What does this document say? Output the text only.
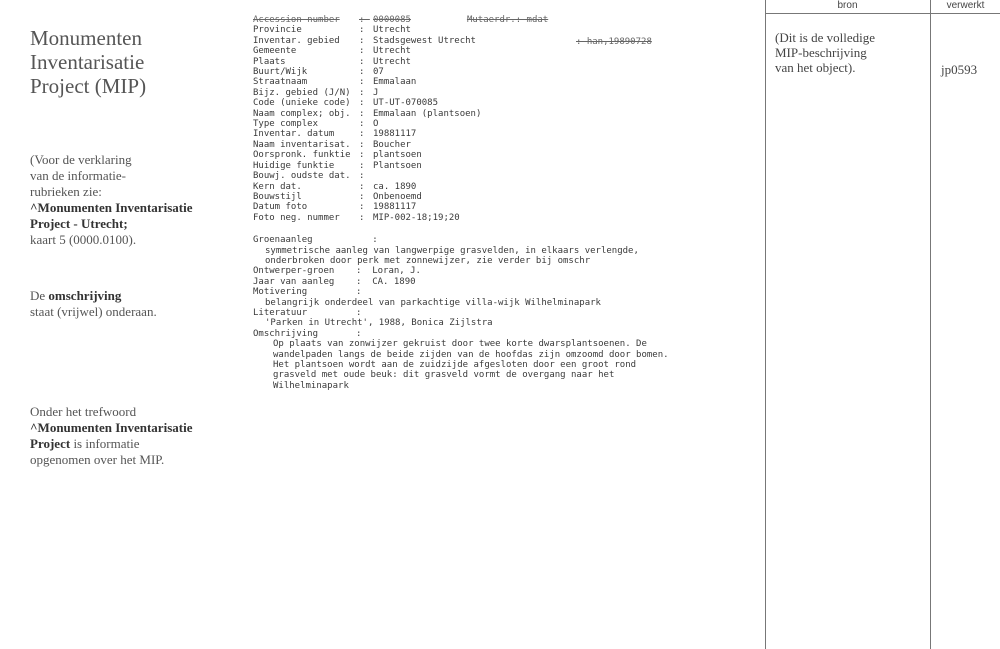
Monumenten
Inventarisatie
Project (MIP)
(Voor de verklaring
van de informatie-
rubrieken zie:
^Monumenten Inventarisatie
Project - Utrecht;
kaart 5 (0000.0100).
De omschrijving
staat (vrijwel) onderaan.
Onder het trefwoord
^Monumenten Inventarisatie
Project is informatie
opgenomen over het MIP.
Accession number	: 0000085	Mutaerdr.: mdat
Provincie	: Utrecht
Inventar. gebied	: Stadsgewest Utrecht
Gemeente	: Utrecht
Plaats	: Utrecht
Buurt/Wijk	: 07
Straatnaam	: Emmalaan
Bijz. gebied (J/N) : J
Code (unieke code) : UT-UT-070085
Naam complex; obj. : Emmalaan (plantsoen)
Type complex	: O
Inventar. datum	: 19881117
Naam inventarisat. : Boucher
Oorspronk. funktie : plantsoen
Huidige funktie	: Plantsoen
Bouwj. oudste dat. :
Kern dat.	: ca. 1890
Bouwstijl	: Onbenoemd
Datum foto	: 19881117
Foto neg. nummer	: MIP-002-18;19;20
Groenaanleg           :
symmetrische aanleg van langwerpige grasvelden, in elkaars verlengde,
onderbroken door perk met zonnewijzer, zie verder bij omschr
Ontwerper-groen    :  Loran, J.
Jaar van aanleg    :  CA. 1890
Motivering         :
belangrijk onderdeel van parkachtige villa-wijk Wilhelminapark
Literatuur         :
'Parken in Utrecht', 1988, Bonica Zijlstra
Omschrijving       :
Op plaats van zonwijzer gekruist door twee korte dwarsplantsoenen. De
wandelpaden langs de beide zijden van de hoofdas zijn omzoomd door bomen.
Het plantsoen wordt aan de zuidzijde afgesloten door een groot rond
grasveld met oude beuk: dit grasveld vormt de overgang naar het
Wilhelminapark
: han,19890728
bron	verwerkt
(Dit is de volledige
MIP-beschrijving
van het object).	jp0593
